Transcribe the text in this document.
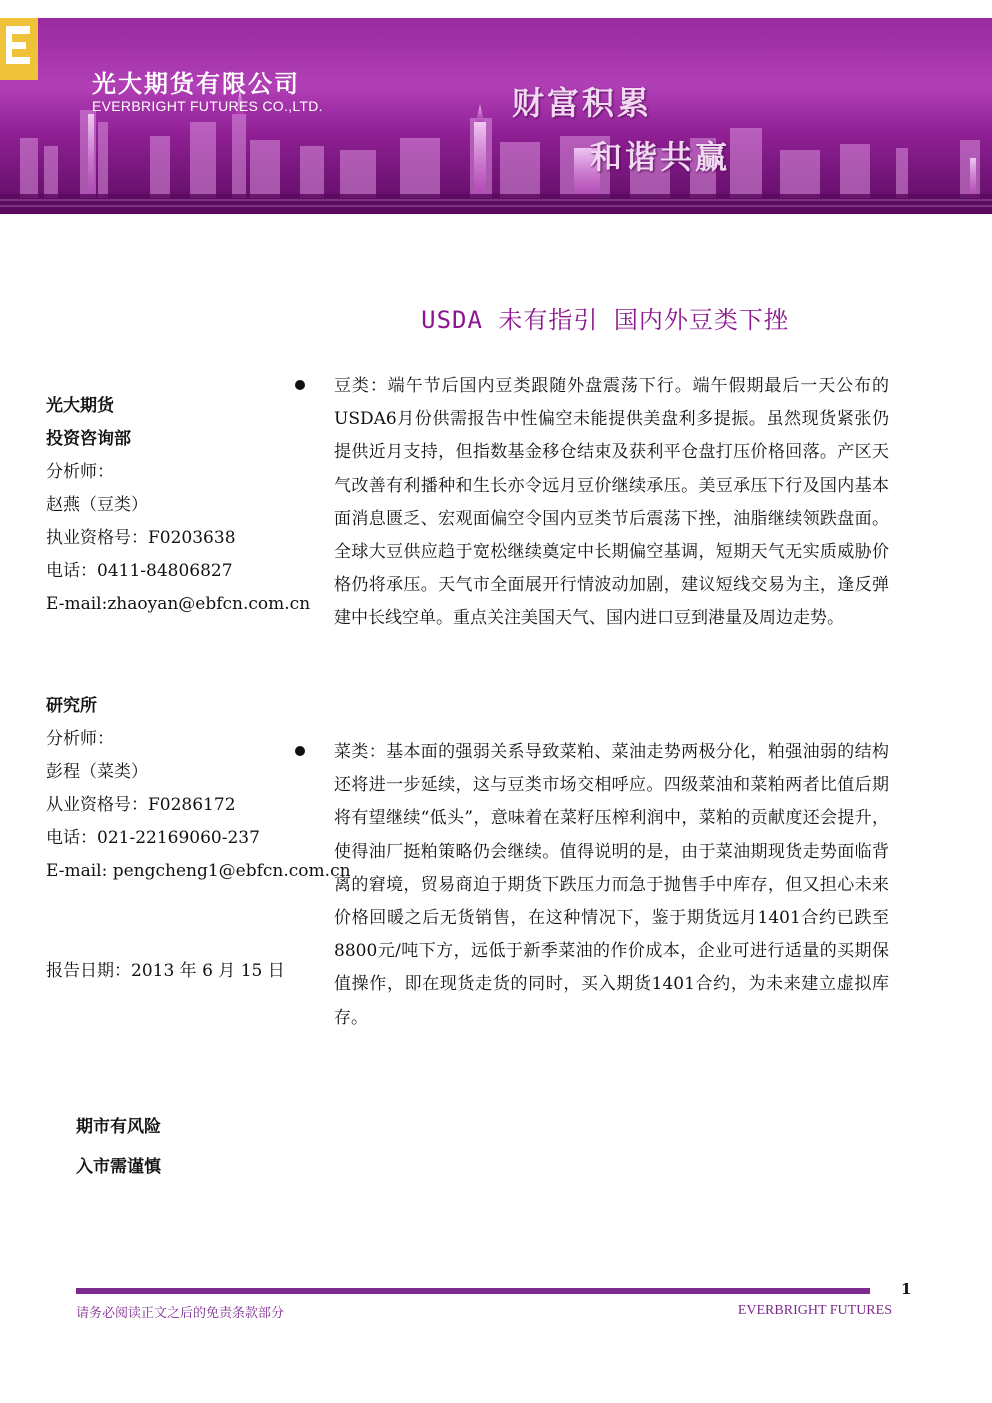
光大期货有限公司
EVERBRIGHT FUTURES CO.,LTD.	财富积累
和谐共赢
USDA 未有指引 国内外豆类下挫
光大期货
投资咨询部
分析师：
赵燕（豆类）
执业资格号：F0203638
电话：0411-84806827
E-mail:zhaoyan@ebfcn.com.cn
研究所
分析师：
彭程（菜类）
从业资格号：F0286172
电话：021-22169060-237
E-mail: pengcheng1@ebfcn.com.cn
报告日期：2013 年 6 月 15 日
豆类：端午节后国内豆类跟随外盘震荡下行。端午假期最后一天公布的USDA6月份供需报告中性偏空未能提供美盘利多提振。虽然现货紧张仍提供近月支持，但指数基金移仓结束及获利平仓盘打压价格回落。产区天气改善有利播种和生长亦令远月豆价继续承压。美豆承压下行及国内基本面消息匮乏、宏观面偏空令国内豆类节后震荡下挫，油脂继续领跌盘面。全球大豆供应趋于宽松继续奠定中长期偏空基调，短期天气无实质威胁价格仍将承压。天气市全面展开行情波动加剧，建议短线交易为主，逢反弹建中长线空单。重点关注美国天气、国内进口豆到港量及周边走势。
菜类：基本面的强弱关系导致菜粕、菜油走势两极分化，粕强油弱的结构还将进一步延续，这与豆类市场交相呼应。四级菜油和菜粕两者比值后期将有望继续“低头”，意味着在菜籽压榨利润中，菜粕的贡献度还会提升，使得油厂挺粕策略仍会继续。值得说明的是，由于菜油期现货走势面临背离的窘境，贸易商迫于期货下跌压力而急于抛售手中库存，但又担心未来价格回暖之后无货销售，在这种情况下，鉴于期货远月1401合约已跌至8800元/吨下方，远低于新季菜油的作价成本，企业可进行适量的买期保值操作，即在现货走货的同时，买入期货1401合约，为未来建立虚拟库存。
期市有风险
入市需谨慎
1
请务必阅读正文之后的免责条款部分	EVERBRIGHT FUTURES
